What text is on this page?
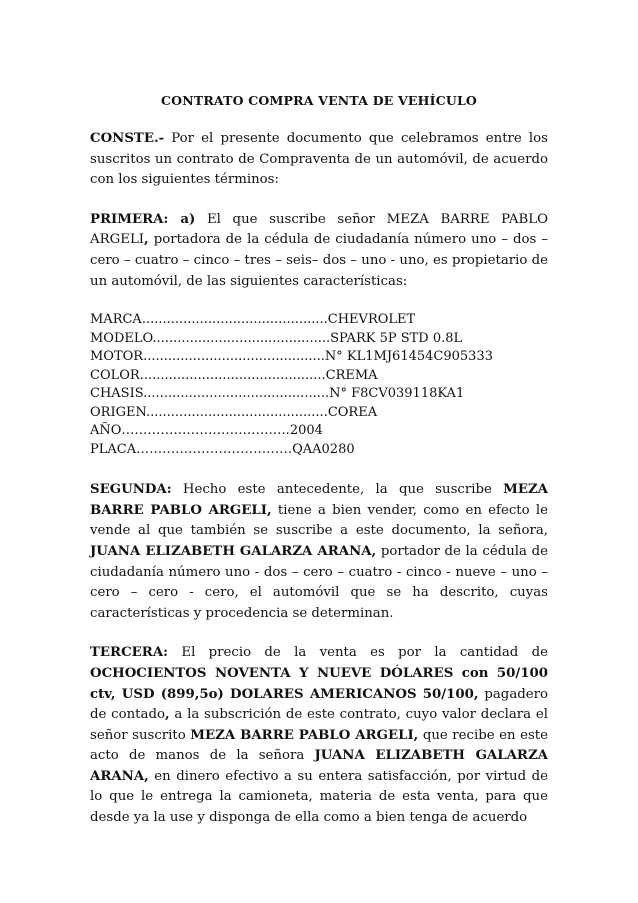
CONTRATO COMPRA VENTA DE VEHÍCULO

CONSTE.- Por el presente documento que celebramos entre los suscritos un contrato de Compraventa de un automóvil, de acuerdo con los siguientes términos:

PRIMERA: a) El que suscribe señor MEZA BARRE PABLO ARGELI, portadora de la cédula de ciudadanía número uno – dos – cero – cuatro – cinco – tres – seis– dos – uno - uno, es propietario de un automóvil, de las siguientes características:

MARCA.............................................CHEVROLET
MODELO...........................................SPARK 5P STD 0.8L
MOTOR............................................N° KL1MJ61454C905333
COLOR.............................................CREMA
CHASIS.............................................N° F8CV039118KA1
ORIGEN............................................COREA
AÑO……………………….………..2004
PLACA………………………………QAA0280

SEGUNDA: Hecho este antecedente, la que suscribe MEZA BARRE PABLO ARGELI, tiene a bien vender, como en efecto le vende al que también se suscribe a este documento, la señora, JUANA ELIZABETH GALARZA ARANA, portador de la cédula de ciudadanía número uno - dos – cero – cuatro - cinco - nueve – uno – cero – cero - cero, el automóvil que se ha descrito, cuyas características y procedencia se determinan.

TERCERA: El precio de la venta es por la cantidad de OCHOCIENTOS NOVENTA Y NUEVE DÓLARES con 50/100 ctv, USD (899,5o) DOLARES AMERICANOS 50/100, pagadero de contado, a la subscrición de este contrato, cuyo valor declara el señor suscrito MEZA BARRE PABLO ARGELI, que recibe en este acto de manos de la señora JUANA ELIZABETH GALARZA ARANA, en dinero efectivo a su entera satisfacción, por virtud de lo que le entrega la camioneta, materia de esta venta, para que desde ya la use y disponga de ella como a bien tenga de acuerdo
